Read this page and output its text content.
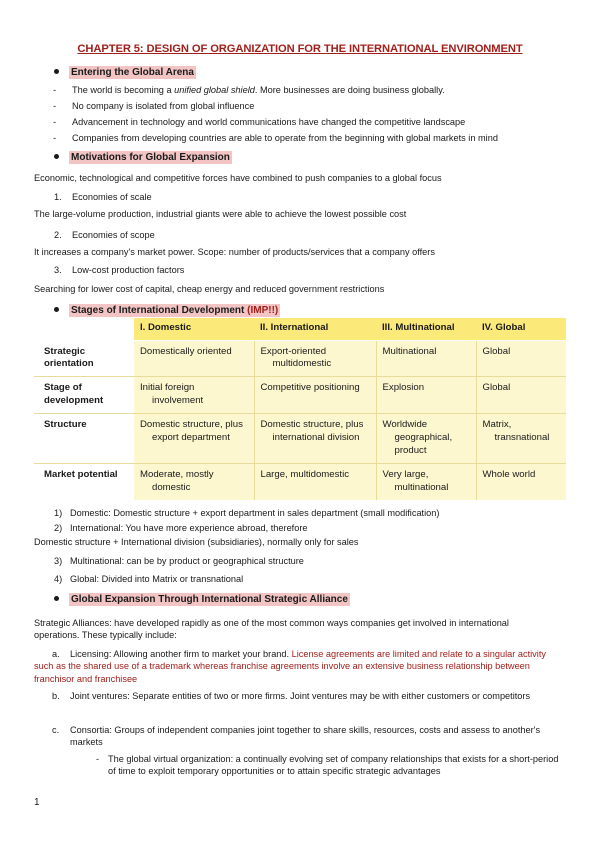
CHAPTER 5: DESIGN OF ORGANIZATION FOR THE INTERNATIONAL ENVIRONMENT
Entering the Global Arena
- The world is becoming a unified global shield. More businesses are doing business globally.
- No company is isolated from global influence
- Advancement in technology and world communications have changed the competitive landscape
- Companies from developing countries are able to operate from the beginning with global markets in mind
Motivations for Global Expansion
Economic, technological and competitive forces have combined to push companies to a global focus
1. Economies of scale
The large-volume production, industrial giants were able to achieve the lowest possible cost
2. Economies of scope
It increases a company's market power. Scope: number of products/services that a company offers
3. Low-cost production factors
Searching for lower cost of capital, cheap energy and reduced government restrictions
Stages of International Development (IMP!!)
	I. Domestic	II. International	III. Multinational	IV. Global
Strategic orientation	Domestically oriented	Export-oriented multidomestic	Multinational	Global
Stage of development	Initial foreign involvement	Competitive positioning	Explosion	Global
Structure	Domestic structure, plus export department	Domestic structure, plus international division	Worldwide geographical, product	Matrix, transnational
Market potential	Moderate, mostly domestic	Large, multidomestic	Very large, multinational	Whole world
1) Domestic: Domestic structure + export department in sales department (small modification)
2) International: You have more experience abroad, therefore
Domestic structure + International division (subsidiaries), normally only for sales
3) Multinational: can be by product or geographical structure
4) Global: Divided into Matrix or transnational
Global Expansion Through International Strategic Alliance
Strategic Alliances: have developed rapidly as one of the most common ways companies get involved in international operations. These typically include:
a. Licensing: Allowing another firm to market your brand. License agreements are limited and relate to a singular activity such as the shared use of a trademark whereas franchise agreements involve an extensive business relationship between franchisor and franchisee
b. Joint ventures: Separate entities of two or more firms. Joint ventures may be with either customers or competitors
c. Consortia: Groups of independent companies joint together to share skills, resources, costs and assess to another's markets
- The global virtual organization: a continually evolving set of company relationships that exists for a short-period of time to exploit temporary opportunities or to attain specific strategic advantages
1
